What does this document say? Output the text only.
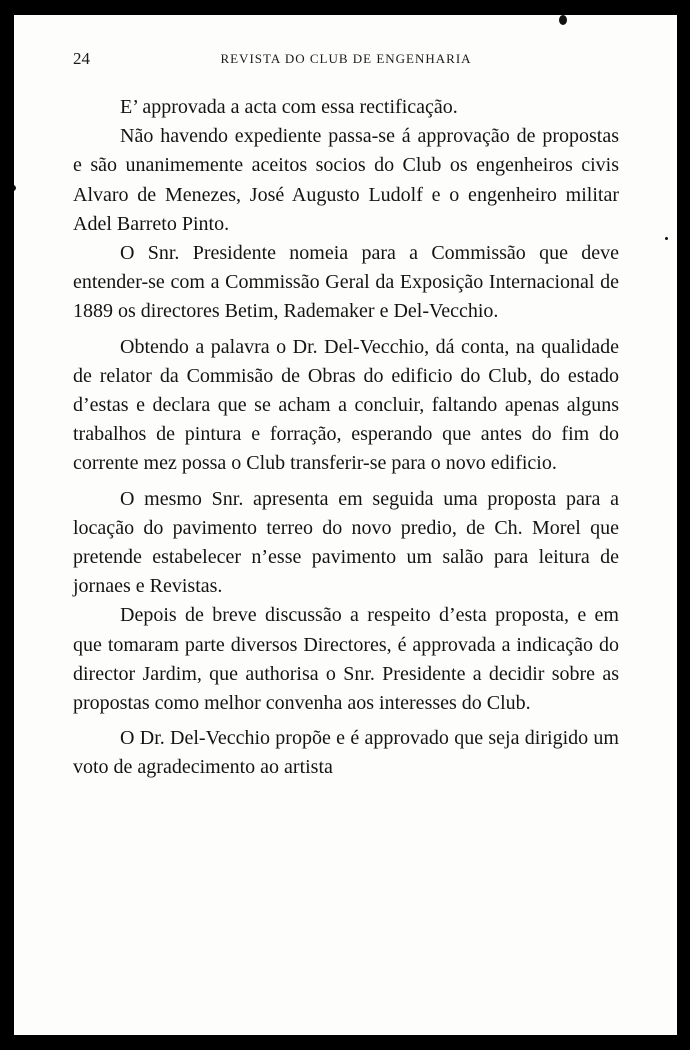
24	REVISTA DO CLUB DE ENGENHARIA

E’ approvada a acta com essa rectificação.

Não havendo expediente passa-se á approvação de propostas e são unanimemente aceitos socios do Club os engenheiros civis Alvaro de Menezes, José Augusto Ludolf e o engenheiro militar Adel Barreto Pinto.

O Snr. Presidente nomeia para a Commissão que deve entender-se com a Commissão Geral da Exposição Internacional de 1889 os directores Betim, Rademaker e Del-Vecchio.

Obtendo a palavra o Dr. Del-Vecchio, dá conta, na qualidade de relator da Commisão de Obras do edificio do Club, do estado d’estas e declara que se acham a concluir, faltando apenas alguns trabalhos de pintura e forração, esperando que antes do fim do corrente mez possa o Club transferir-se para o novo edificio.

O mesmo Snr. apresenta em seguida uma proposta para a locação do pavimento terreo do novo predio, de Ch. Morel que pretende estabelecer n’esse pavimento um salão para leitura de jornaes e Revistas.

Depois de breve discussão a respeito d’esta proposta, e em que tomaram parte diversos Directores, é approvada a indicação do director Jardim, que authorisa o Snr. Presidente a decidir sobre as propostas como melhor convenha aos interesses do Club.

O Dr. Del-Vecchio propõe e é approvado que seja dirigido um voto de agradecimento ao artista
